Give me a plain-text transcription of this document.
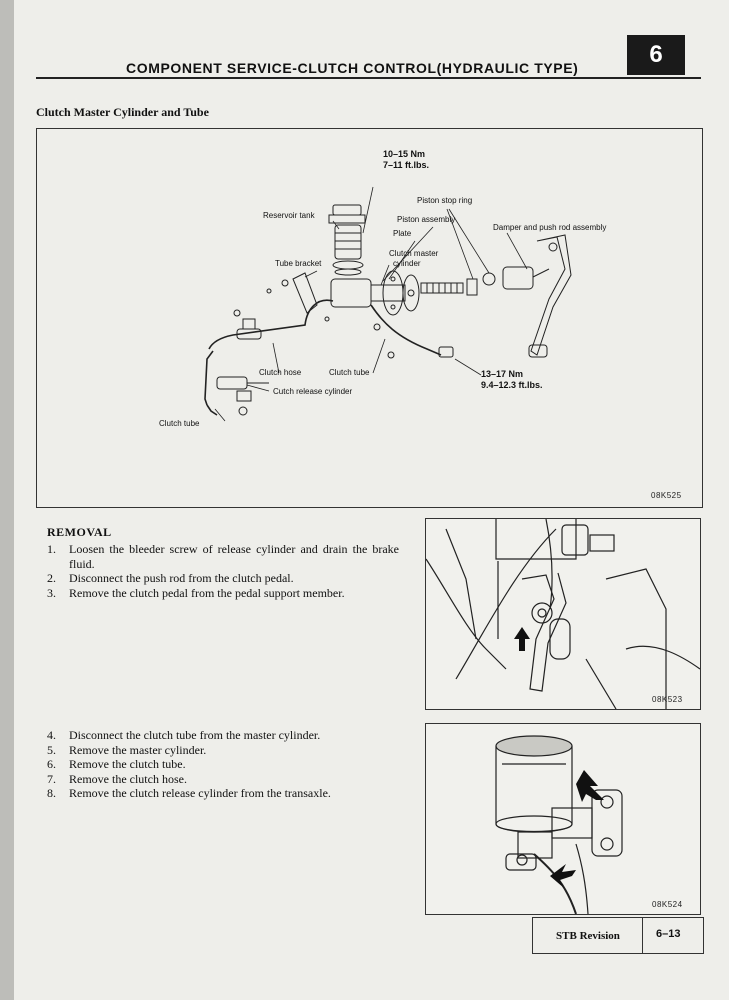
COMPONENT SERVICE-CLUTCH CONTROL(HYDRAULIC TYPE)	6
Clutch Master Cylinder and Tube
10–15 Nm
7–11 ft.lbs.
Piston stop ring
Reservoir tank	Piston assembly
Plate
Damper and push rod assembly
Tube bracket
Clutch master
cylinder
Clutch hose	Clutch tube	13–17 Nm
9.4–12.3 ft.lbs.
Cutch release cylinder
Clutch tube
08K525
REMOVAL
1.	Loosen the bleeder screw of release cylinder and drain the brake fluid.
2.	Disconnect the push rod from the clutch pedal.
3.	Remove the clutch pedal from the pedal support member.
4.	Disconnect the clutch tube from the master cylinder.
5.	Remove the master cylinder.
6.	Remove the clutch tube.
7.	Remove the clutch hose.
8.	Remove the clutch release cylinder from the transaxle.
08K523
08K524
STB Revision	6–13
